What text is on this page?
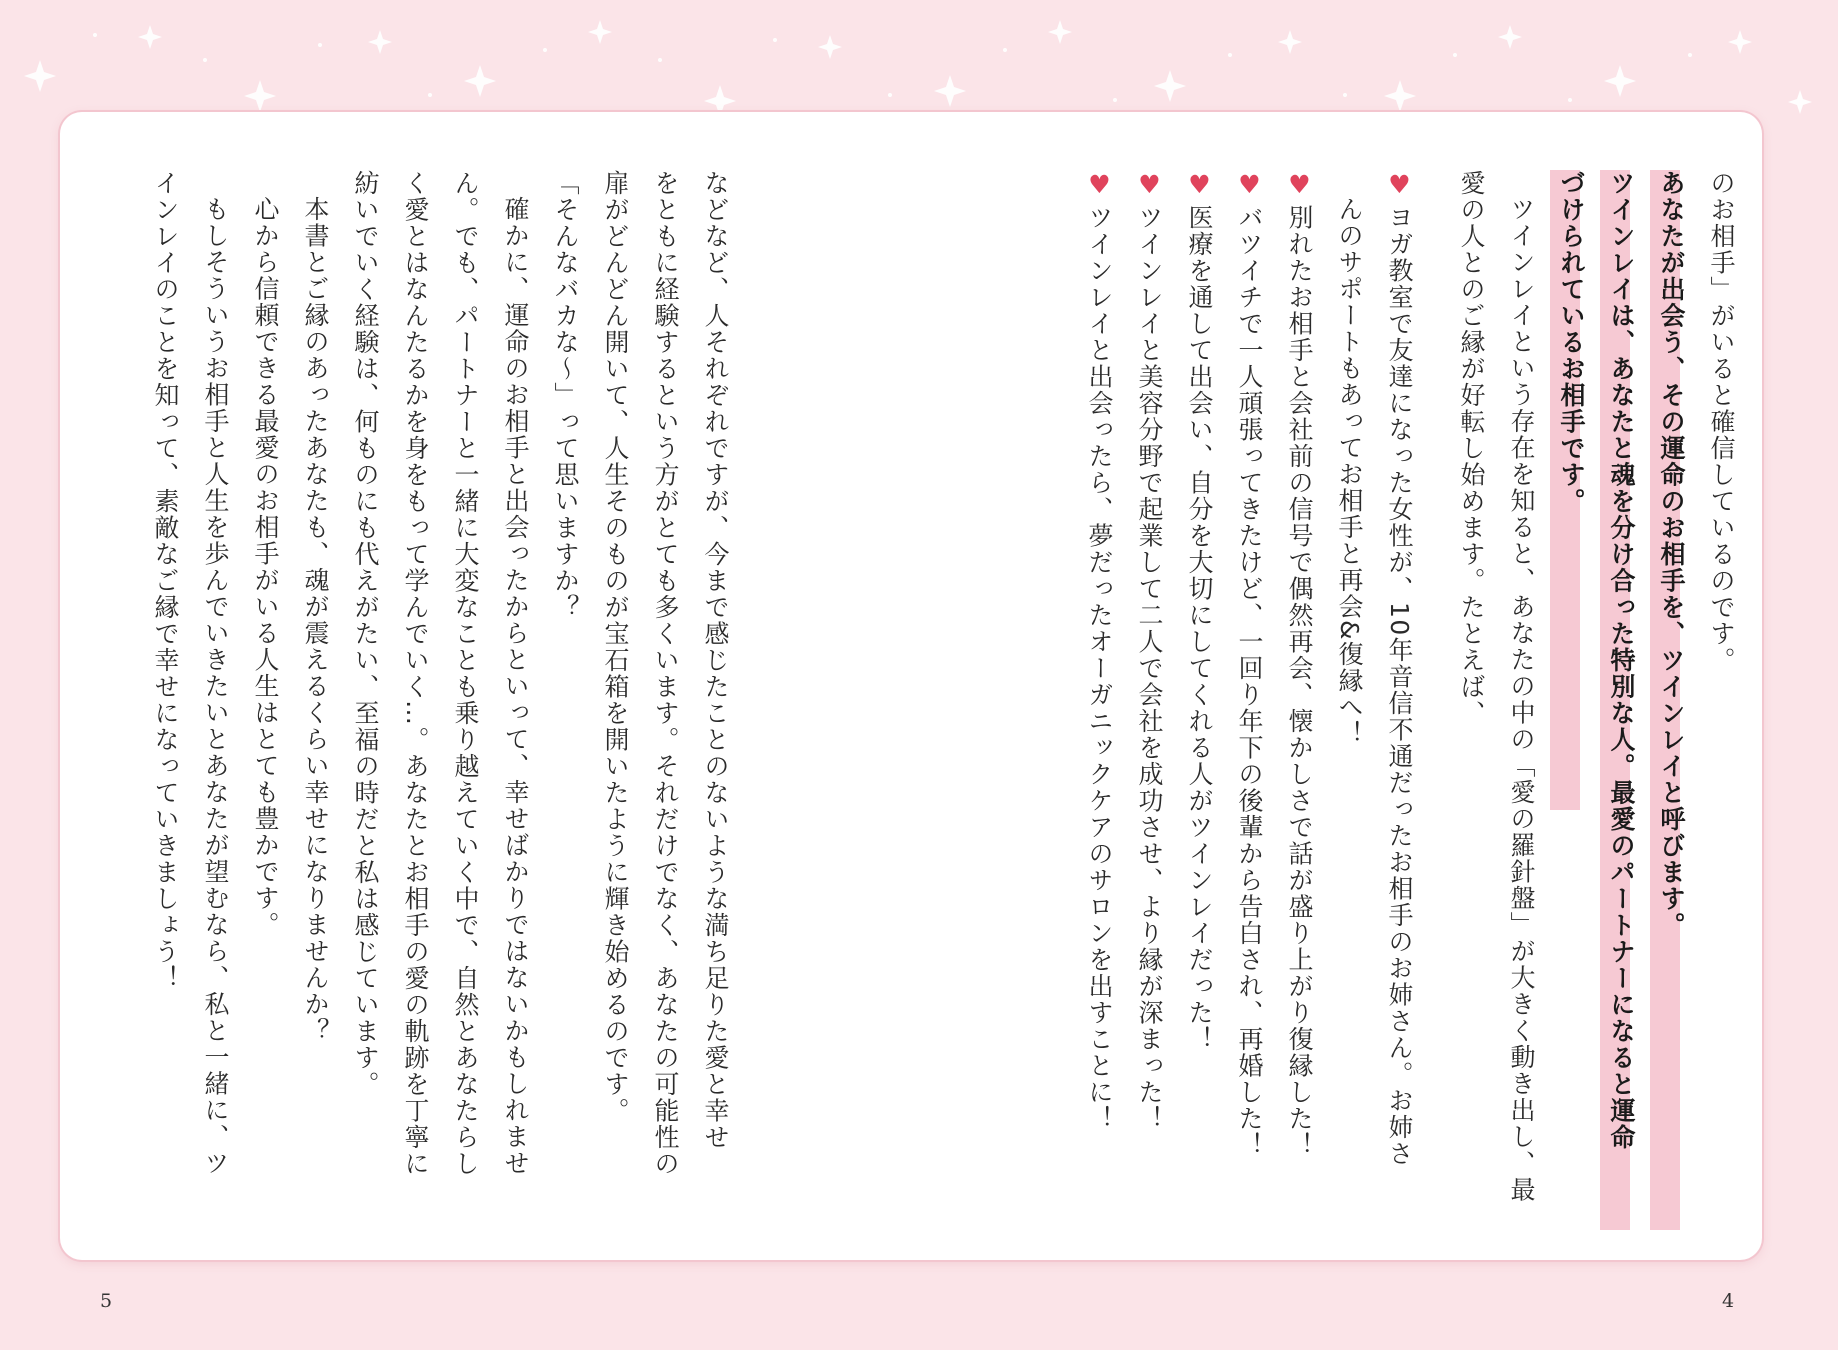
のお相手」がいると確信しているのです。
あなたが出会う、その運命のお相手を、ツインレイと呼びます。
ツインレイは、あなたと魂を分け合った特別な人。最愛のパートナーになると運命
づけられているお相手です。
ツインレイという存在を知ると、あなたの中の「愛の羅針盤」が大きく動き出し、最
愛の人とのご縁が好転し始めます。たとえば、
♥ヨガ教室で友達になった女性が、10年音信不通だったお相手のお姉さん。お姉さ
んのサポートもあってお相手と再会&復縁へ！
♥別れたお相手と会社前の信号で偶然再会、懐かしさで話が盛り上がり復縁した！
♥バツイチで一人頑張ってきたけど、一回り年下の後輩から告白され、再婚した！
♥医療を通して出会い、自分を大切にしてくれる人がツインレイだった！
♥ツインレイと美容分野で起業して二人で会社を成功させ、より縁が深まった！
♥ツインレイと出会ったら、夢だったオーガニックケアのサロンを出すことに！
などなど、人それぞれですが、今まで感じたことのないような満ち足りた愛と幸せ
をともに経験するという方がとても多くいます。それだけでなく、あなたの可能性の
扉がどんどん開いて、人生そのものが宝石箱を開いたように輝き始めるのです。
「そんなバカな〜」って思いますか？
確かに、運命のお相手と出会ったからといって、幸せばかりではないかもしれませ
ん。でも、パートナーと一緒に大変なことも乗り越えていく中で、自然とあなたらし
く愛とはなんたるかを身をもって学んでいく…。あなたとお相手の愛の軌跡を丁寧に
紡いでいく経験は、何ものにも代えがたい、至福の時だと私は感じています。
本書とご縁のあったあなたも、魂が震えるくらい幸せになりませんか？
心から信頼できる最愛のお相手がいる人生はとても豊かです。
もしそういうお相手と人生を歩んでいきたいとあなたが望むなら、私と一緒に、ツ
インレイのことを知って、素敵なご縁で幸せになっていきましょう！
5	4
